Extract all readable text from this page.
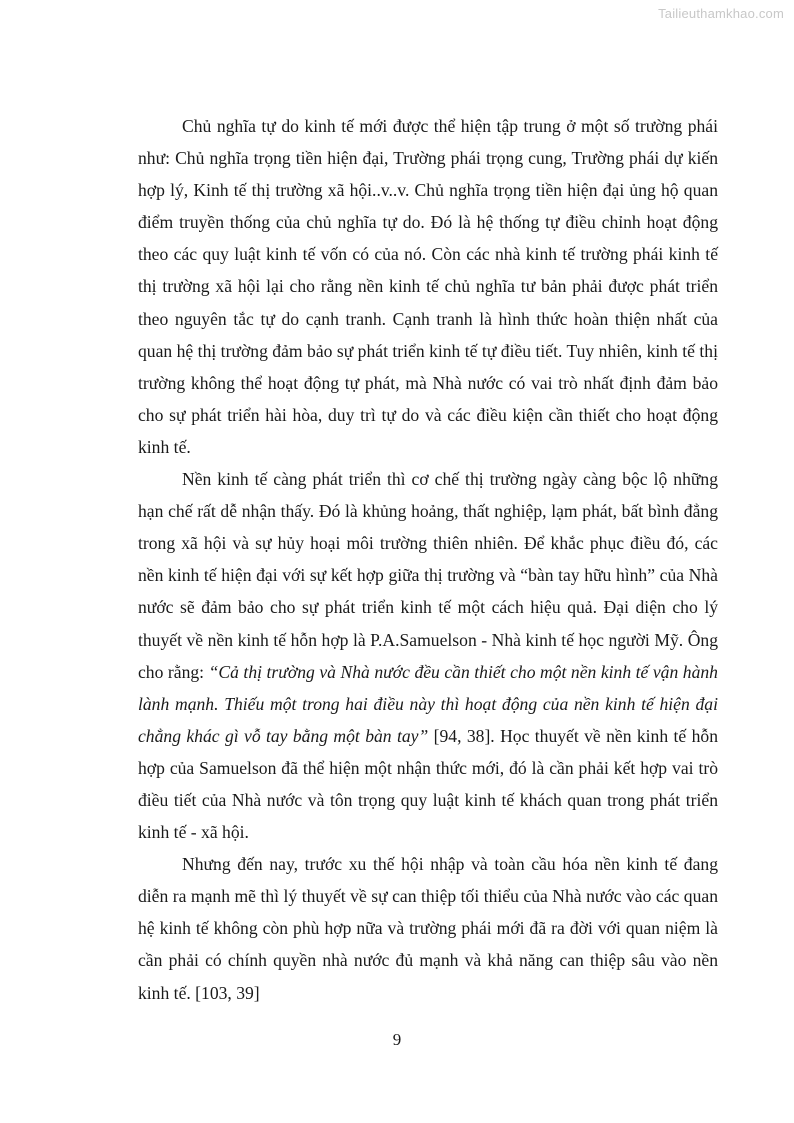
Tailieuthamkhao.com

Chủ nghĩa tự do kinh tế mới được thể hiện tập trung ở một số trường phái như: Chủ nghĩa trọng tiền hiện đại, Trường phái trọng cung, Trường phái dự kiến hợp lý, Kinh tế thị trường xã hội..v..v. Chủ nghĩa trọng tiền hiện đại ủng hộ quan điểm truyền thống của chủ nghĩa tự do. Đó là hệ thống tự điều chỉnh hoạt động theo các quy luật kinh tế vốn có của nó. Còn các nhà kinh tế trường phái kinh tế thị trường xã hội lại cho rằng nền kinh tế chủ nghĩa tư bản phải được phát triển theo nguyên tắc tự do cạnh tranh. Cạnh tranh là hình thức hoàn thiện nhất của quan hệ thị trường đảm bảo sự phát triển kinh tế tự điều tiết. Tuy nhiên, kinh tế thị trường không thể hoạt động tự phát, mà Nhà nước có vai trò nhất định đảm bảo cho sự phát triển hài hòa, duy trì tự do và các điều kiện cần thiết cho hoạt động kinh tế.

Nền kinh tế càng phát triển thì cơ chế thị trường ngày càng bộc lộ những hạn chế rất dễ nhận thấy. Đó là khủng hoảng, thất nghiệp, lạm phát, bất bình đẳng trong xã hội và sự hủy hoại môi trường thiên nhiên. Để khắc phục điều đó, các nền kinh tế hiện đại với sự kết hợp giữa thị trường và “bàn tay hữu hình” của Nhà nước sẽ đảm bảo cho sự phát triển kinh tế một cách hiệu quả. Đại diện cho lý thuyết về nền kinh tế hỗn hợp là P.A.Samuelson - Nhà kinh tế học người Mỹ. Ông cho rằng: “Cả thị trường và Nhà nước đều cần thiết cho một nền kinh tế vận hành lành mạnh. Thiếu một trong hai điều này thì hoạt động của nền kinh tế hiện đại chẳng khác gì vỗ tay bằng một bàn tay” [94, 38]. Học thuyết về nền kinh tế hỗn hợp của Samuelson đã thể hiện một nhận thức mới, đó là cần phải kết hợp vai trò điều tiết của Nhà nước và tôn trọng quy luật kinh tế khách quan trong phát triển kinh tế - xã hội.

Nhưng đến nay, trước xu thế hội nhập và toàn cầu hóa nền kinh tế đang diễn ra mạnh mẽ thì lý thuyết về sự can thiệp tối thiểu của Nhà nước vào các quan hệ kinh tế không còn phù hợp nữa và trường phái mới đã ra đời với quan niệm là cần phải có chính quyền nhà nước đủ mạnh và khả năng can thiệp sâu vào nền kinh tế. [103, 39]

9
